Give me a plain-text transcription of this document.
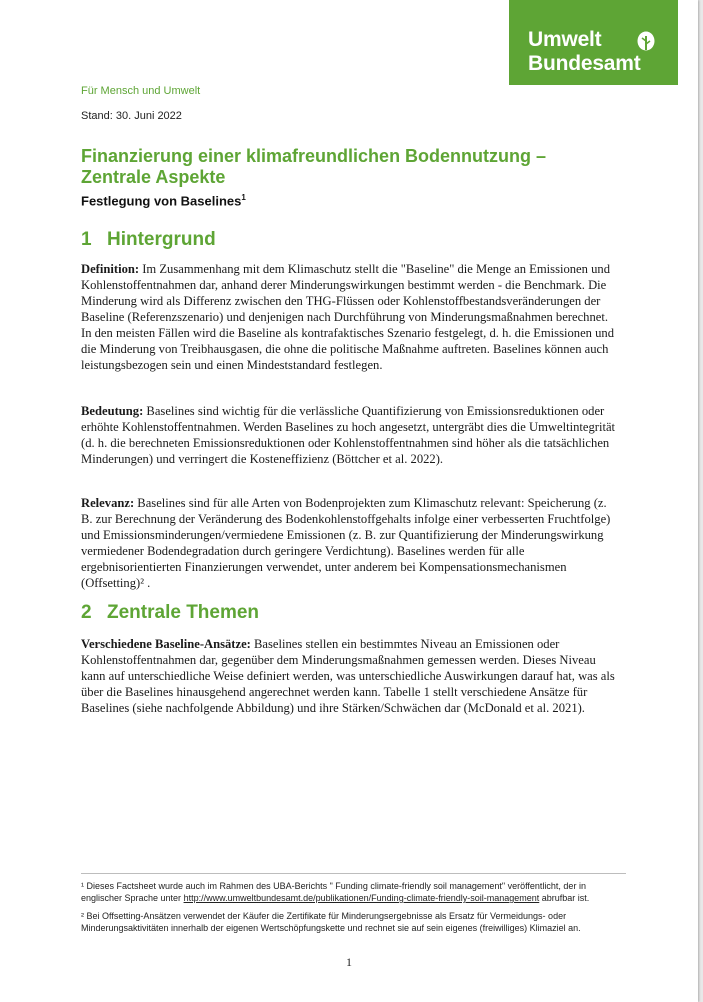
Umwelt
Bundesamt
Für Mensch und Umwelt
Stand: 30. Juni 2022
Finanzierung einer klimafreundlichen Bodennutzung – Zentrale Aspekte
Festlegung von Baselines$^1$
1 Hintergrund

Definition: Im Zusammenhang mit dem Klimaschutz stellt die "Baseline" die Menge an Emissionen und Kohlenstoffentnahmen dar, anhand derer Minderungswirkungen bestimmt werden - die Benchmark. Die Minderung wird als Differenz zwischen den THG-Flüssen oder Kohlenstoffbestandsveränderungen der Baseline (Referenzszenario) und denjenigen nach Durchführung von Minderungsmaßnahmen berechnet. In den meisten Fällen wird die Baseline als kontrafaktisches Szenario festgelegt, d. h. die Emissionen und die Minderung von Treibhausgasen, die ohne die politische Maßnahme auftreten. Baselines können auch leistungsbezogen sein und einen Mindeststandard festlegen.

Bedeutung: Baselines sind wichtig für die verlässliche Quantifizierung von Emissionsreduktionen oder erhöhte Kohlenstoffentnahmen. Werden Baselines zu hoch angesetzt, untergräbt dies die Umweltintegrität (d. h. die berechneten Emissionsreduktionen oder Kohlenstoffentnahmen sind höher als die tatsächlichen Minderungen) und verringert die Kosteneffizienz (Böttcher et al. 2022).

Relevanz: Baselines sind für alle Arten von Bodenprojekten zum Klimaschutz relevant: Speicherung (z. B. zur Berechnung der Veränderung des Bodenkohlenstoffgehalts infolge einer verbesserten Fruchtfolge) und Emissionsminderungen/vermiedene Emissionen (z. B. zur Quantifizierung der Minderungswirkung vermiedener Bodendegradation durch geringere Verdichtung). Baselines werden für alle ergebnisorientierten Finanzierungen verwendet, unter anderem bei Kompensationsmechanismen (Offsetting)² .

2 Zentrale Themen

Verschiedene Baseline-Ansätze: Baselines stellen ein bestimmtes Niveau an Emissionen oder Kohlenstoffentnahmen dar, gegenüber dem Minderungsmaßnahmen gemessen werden. Dieses Niveau kann auf unterschiedliche Weise definiert werden, was unterschiedliche Auswirkungen darauf hat, was als über die Baselines hinausgehend angerechnet werden kann. Tabelle 1 stellt verschiedene Ansätze für Baselines (siehe nachfolgende Abbildung) und ihre Stärken/Schwächen dar (McDonald et al. 2021).

¹ Dieses Factsheet wurde auch im Rahmen des UBA-Berichts " Funding climate-friendly soil management" veröffentlicht, der in englischer Sprache unter http://www.umweltbundesamt.de/publikationen/Funding-climate-friendly-soil-management abrufbar ist.
² Bei Offsetting-Ansätzen verwendet der Käufer die Zertifikate für Minderungsergebnisse als Ersatz für Vermeidungs- oder Minderungsaktivitäten innerhalb der eigenen Wertschöpfungskette und rechnet sie auf sein eigenes (freiwilliges) Klimaziel an.
1
